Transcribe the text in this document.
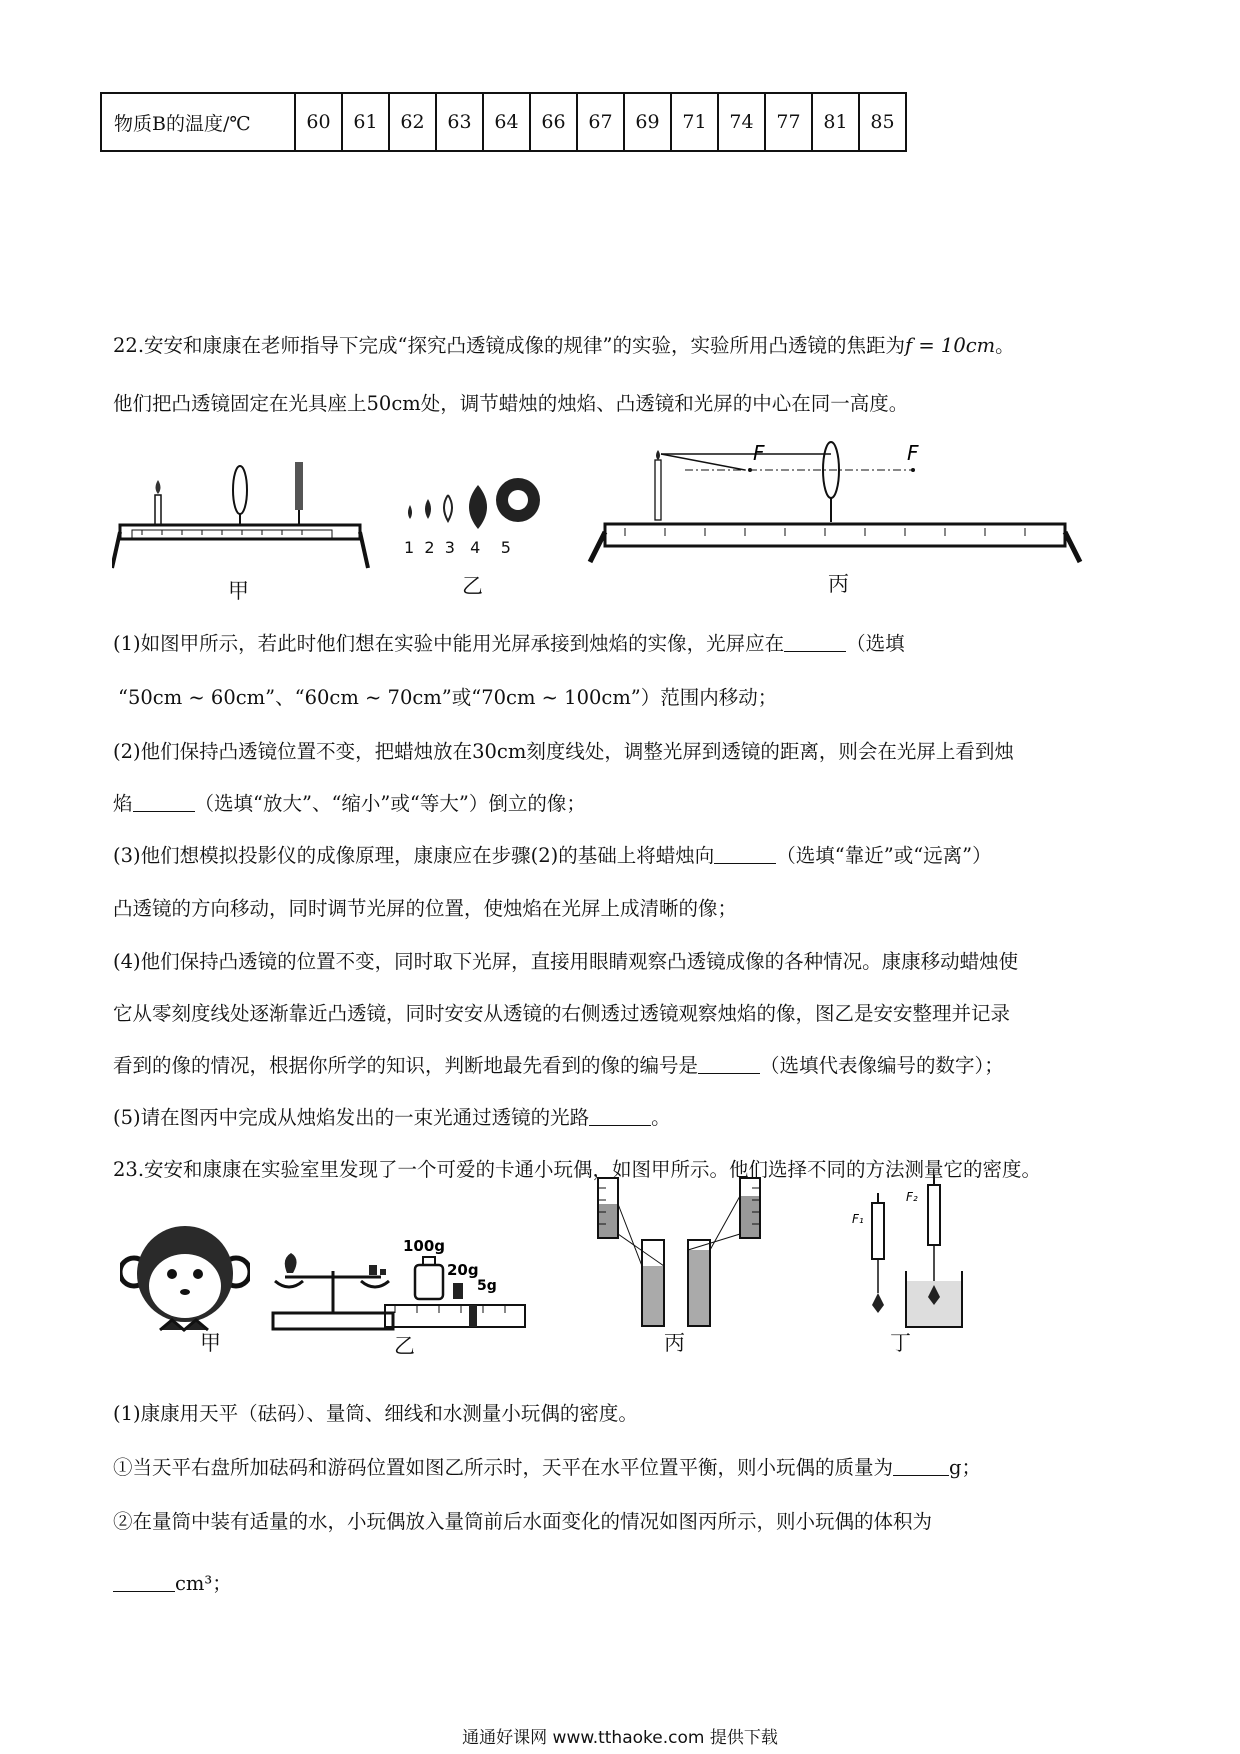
物质B的温度/℃	60	61	62	63	64	66	67	69	71	74	77	81	85
22.安安和康康在老师指导下完成“探究凸透镜成像的规律”的实验，实验所用凸透镜的焦距为f = 10cm。
他们把凸透镜固定在光具座上50cm处，调节蜡烛的烛焰、凸透镜和光屏的中心在同一高度。
甲
1 2 3 4 5
乙
F	F
丙
(1)如图甲所示，若此时他们想在实验中能用光屏承接到烛焰的实像，光屏应在	（选填
“50cm ~ 60cm”、“60cm ~ 70cm”或“70cm ~ 100cm”）范围内移动；
(2)他们保持凸透镜位置不变，把蜡烛放在30cm刻度线处，调整光屏到透镜的距离，则会在光屏上看到烛
焰	（选填“放大”、“缩小”或“等大”）倒立的像；
(3)他们想模拟投影仪的成像原理，康康应在步骤(2)的基础上将蜡烛向	（选填“靠近”或“远离”）
凸透镜的方向移动，同时调节光屏的位置，使烛焰在光屏上成清晰的像；
(4)他们保持凸透镜的位置不变，同时取下光屏，直接用眼睛观察凸透镜成像的各种情况。康康移动蜡烛使
它从零刻度线处逐渐靠近凸透镜，同时安安从透镜的右侧透过透镜观察烛焰的像，图乙是安安整理并记录
看到的像的情况，根据你所学的知识，判断地最先看到的像的编号是	（选填代表像编号的数字）；
(5)请在图丙中完成从烛焰发出的一束光通过透镜的光路	。
23.安安和康康在实验室里发现了一个可爱的卡通小玩偶，如图甲所示。他们选择不同的方法测量它的密度。
甲
100g
20g
5g
乙	丙
F₁
F₂
丁
(1)康康用天平（砝码）、量筒、细线和水测量小玩偶的密度。
①当天平右盘所加砝码和游码位置如图乙所示时，天平在水平位置平衡，则小玩偶的质量为	g；
②在量筒中装有适量的水，小玩偶放入量筒前后水面变化的情况如图丙所示，则小玩偶的体积为
cm³；
通通好课网 www.tthaoke.com 提供下载
